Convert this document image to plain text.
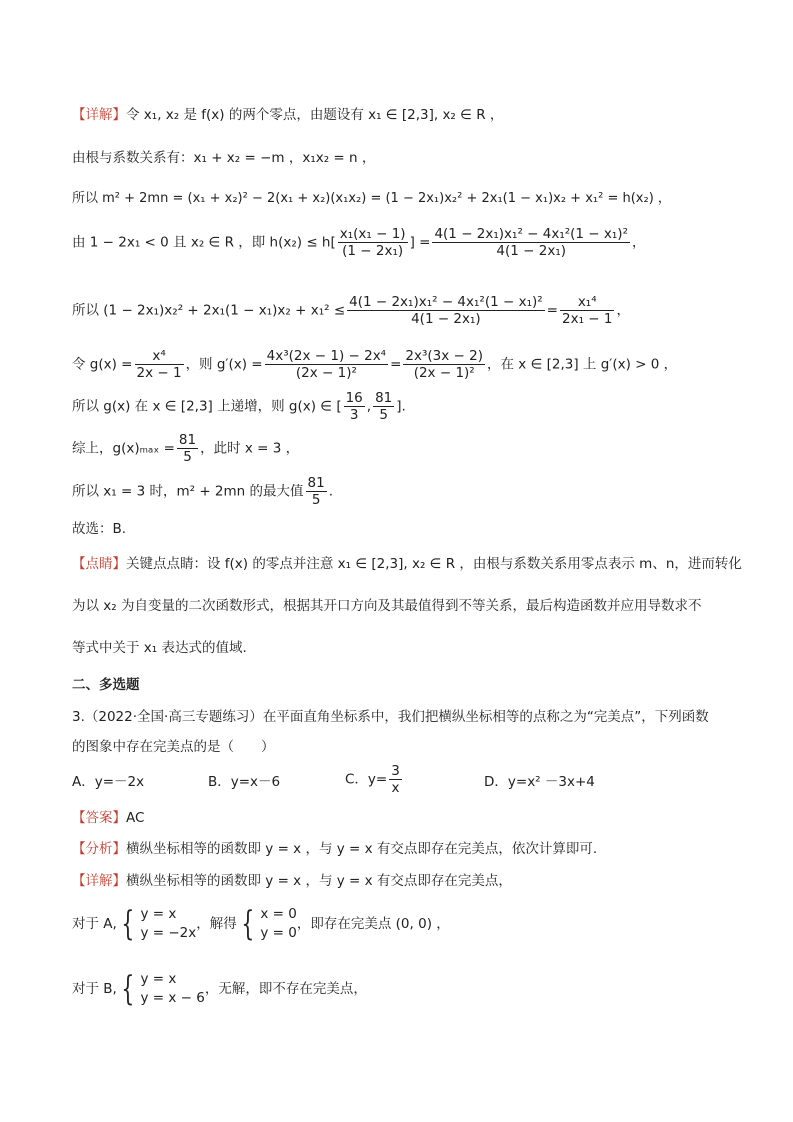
【详解】令 x₁, x₂ 是 f(x) 的两个零点，由题设有 x₁ ∈ [2,3], x₂ ∈ R ，
由根与系数关系有：x₁ + x₂ = −m ，x₁x₂ = n ，
所以 m² + 2mn = (x₁ + x₂)² − 2(x₁ + x₂)(x₁x₂) = (1 − 2x₁)x₂² + 2x₁(1 − x₁)x₂ + x₁² = h(x₂) ，
由 1 − 2x₁ < 0 且 x₂ ∈ R ，即 $h(x_2) \le h[ \frac{\text{x₁(x₁ − 1)}}{\text{(1 − 2x₁)}}$ ] = $\frac{\text{4(1 − 2x₁)x₁² − 4x₁²(1 − x₁)²}}{\text{4(1 − 2x₁)}}$ ，
所以 $(1 - 2x_1)x_2^2 + 2x_1(1 - x_1)x_2 + x_1^2 \le \frac{\text{4(1 − 2x₁)x₁² − 4x₁²(1 − x₁)²}}{\text{4(1 − 2x₁)}} = \frac{\text{x₁⁴}}{\text{2x₁ − 1}}$ ，
令 $g(x) = \frac{\text{x⁴}}{2x - 1}$ ，则 $g'(x) = \frac{\text{4x³(2x − 1) − 2x⁴}}{\text{(2x − 1)²}} = \frac{\text{2x³(3x − 2)}}{\text{(2x − 1)²}}$ ，在 x ∈ [2,3] 上 g′(x) > 0 ，
所以 g(x) 在 x ∈ [2,3] 上递增，则 g(x) ∈ [ $\frac{16}{3}$ , $\frac{81}{5}$ ].
综上，$g(x)_{max} = \frac{81}{5}$ ，此时 x = 3 ，
所以 x₁ = 3 时，m² + 2mn 的最大值 $\frac{81}{5}$ .
故选：B.
【点睛】关键点点睛：设 f(x) 的零点并注意 x₁ ∈ [2,3], x₂ ∈ R ，由根与系数关系用零点表示 m、n，进而转化
为以 x₂ 为自变量的二次函数形式，根据其开口方向及其最值得到不等关系，最后构造函数并应用导数求不
等式中关于 x₁ 表达式的值域.
二、多选题
3.（2022·全国·高三专题练习）在平面直角坐标系中，我们把横纵坐标相等的点称之为“完美点”，下列函数
的图象中存在完美点的是（　　）
A．y=－2x	B．y=x－6	C．$y= \frac{3}{x}$	D．y=x² －3x+4
【答案】AC
【分析】横纵坐标相等的函数即 y = x ，与 y = x 有交点即存在完美点，依次计算即可.
【详解】横纵坐标相等的函数即 y = x ，与 y = x 有交点即存在完美点，
对于 A, { y = x
y = −2x
，解得 { x = 0
y = 0
，即存在完美点 (0, 0) ，
对于 B, { y = x
y = x − 6
，无解，即不存在完美点，
